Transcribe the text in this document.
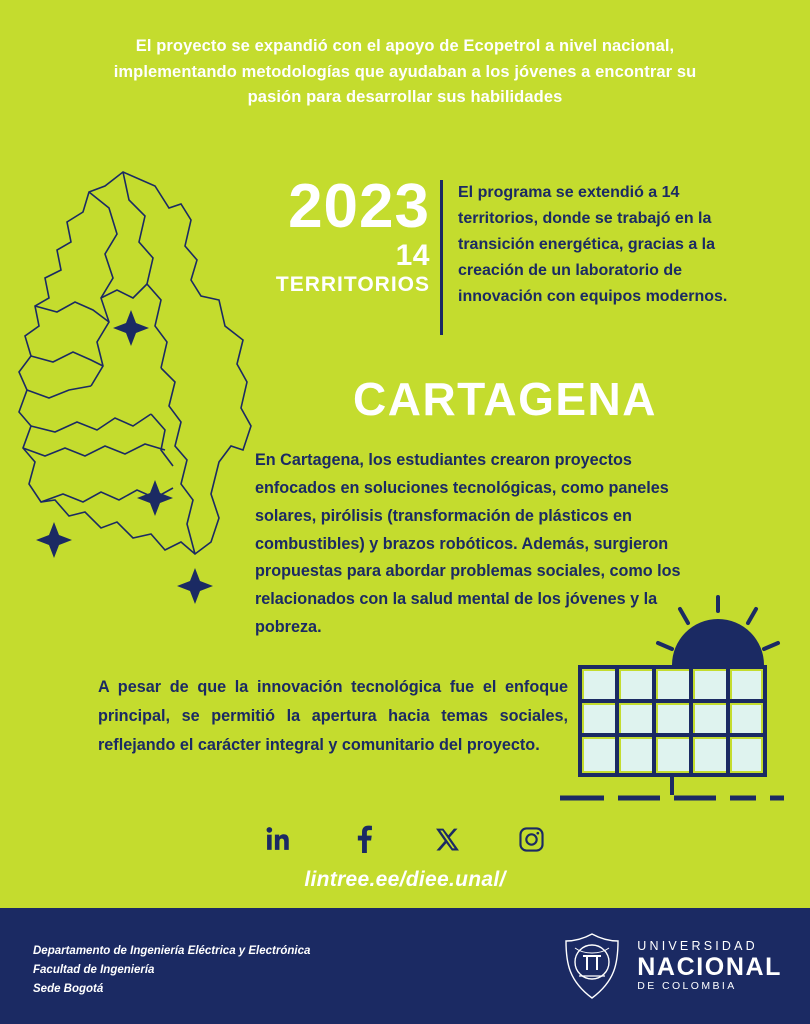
El proyecto se expandió con el apoyo de Ecopetrol a nivel nacional, implementando metodologías que ayudaban a los jóvenes a encontrar su pasión para desarrollar sus habilidades
2023
14 TERRITORIOS
El programa se extendió a 14 territorios, donde se trabajó en la transición energética, gracias a la creación de un laboratorio de innovación con equipos modernos.
CARTAGENA
En Cartagena, los estudiantes crearon proyectos enfocados en soluciones tecnológicas, como paneles solares, pirólisis (transformación de plásticos en combustibles) y brazos robóticos. Además, surgieron propuestas para abordar problemas sociales, como los relacionados con la salud mental de los jóvenes y la pobreza.
A pesar de que la innovación tecnológica fue el enfoque principal, se permitió la apertura hacia temas sociales, reflejando el carácter integral y comunitario del proyecto.
lintree.ee/diee.unal/
Departamento de Ingeniería Eléctrica y Electrónica
Facultad de Ingeniería
Sede Bogotá
UNIVERSIDAD
NACIONAL
DE COLOMBIA
